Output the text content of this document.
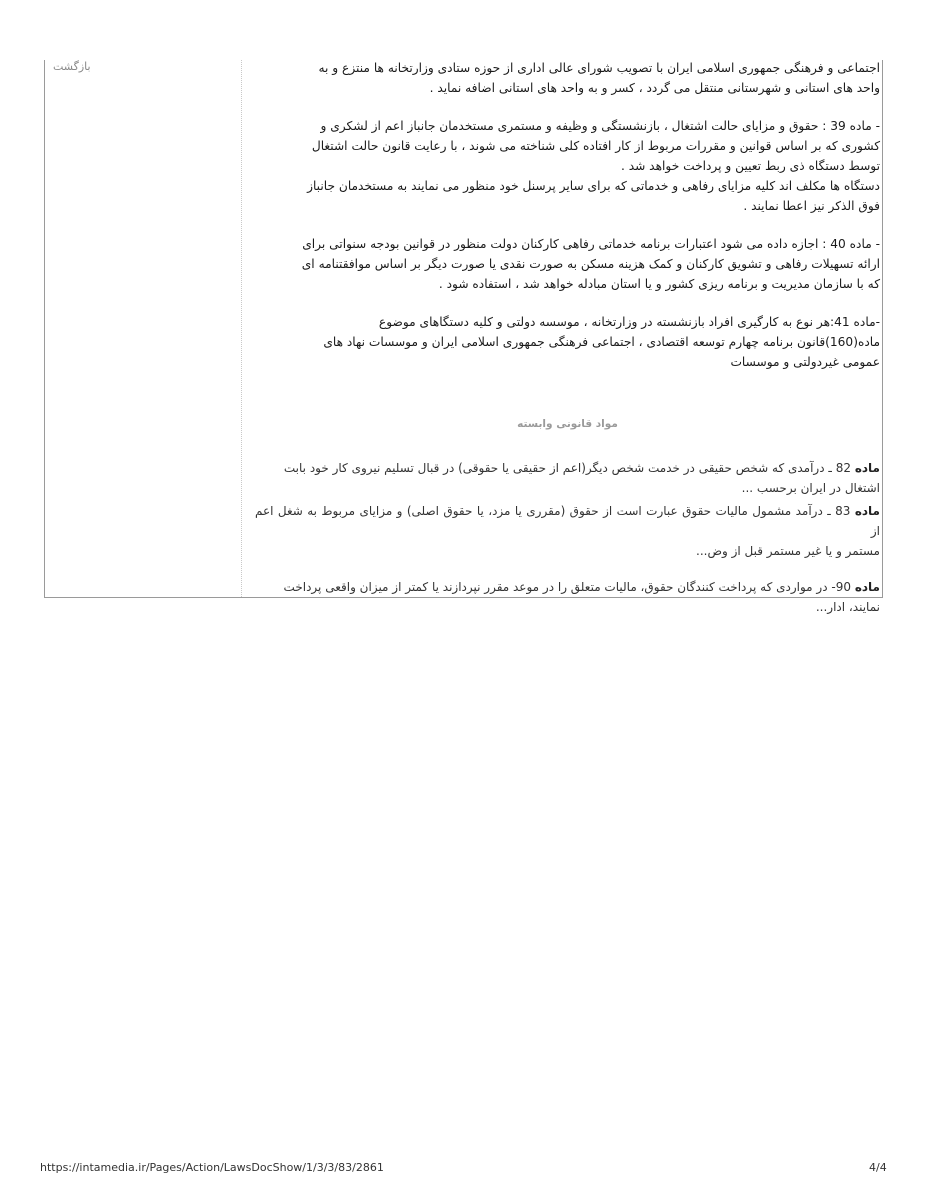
بازگشت	اجتماعی و فرهنگی جمهوری اسلامی ایران با تصویب شورای عالی اداری از حوزه ستادی وزارتخانه ها منتزع و به

واحد های استانی و شهرستانی منتقل می گردد ، کسر و به واحد های استانی اضافه نماید .

- ماده 39 : حقوق و مزایای حالت اشتغال ، بازنشستگی و وظیفه و مستمری مستخدمان جانباز اعم از لشکری و

کشوری که بر اساس قوانین و مقررات مربوط از کار افتاده کلی شناخته می شوند ، با رعایت قانون حالت اشتغال

توسط دستگاه ذی ربط تعیین و پرداخت خواهد شد .

دستگاه ها مکلف اند کلیه مزایای رفاهی و خدماتی که برای سایر پرسنل خود منظور می نمایند به مستخدمان جانباز

فوق الذکر نیز اعطا نمایند .

- ماده 40 : اجازه داده می شود اعتبارات برنامه خدماتی رفاهی کارکنان دولت منظور در قوانین بودجه سنواتی برای

ارائه تسهیلات رفاهی و تشویق کارکنان و کمک هزینه مسکن به صورت نقدی یا صورت دیگر بر اساس موافقتنامه ای

که با سازمان مدیریت و برنامه ریزی کشور و یا استان مبادله خواهد شد ، استفاده شود .

-ماده 41:هر نوع به کارگیری افراد بازنشسته در وزارتخانه ، موسسه دولتی و کلیه دستگاهای موضوع

ماده(160)قانون برنامه چهارم توسعه اقتصادی ، اجتماعی فرهنگی جمهوری اسلامی ایران و موسسات نهاد های

عمومی غیردولتی و موسسات

مواد قانونی وابسته
ماده 82 ـ درآمدی که شخص حقیقی در خدمت شخص دیگر(اعم از حقیقی یا حقوقی) در قبال تسلیم نیروی کار خود بابت
اشتغال در ایران برحسب ...
ماده 83 ـ درآمد مشمول مالیات حقوق عبارت است از حقوق (مقرری یا مزد، یا حقوق اصلی) و مزایای مربوط به شغل اعم از
مستمر و یا غیر مستمر قبل از وض...
ماده 90- در مواردی که پرداخت کنندگان حقوق، مالیات متعلق را در موعد مقرر نپردازند یا کمتر از میزان واقعی پرداخت
نمایند، ادار...
https://intamedia.ir/Pages/Action/LawsDocShow/1/3/3/83/2861	4/4
